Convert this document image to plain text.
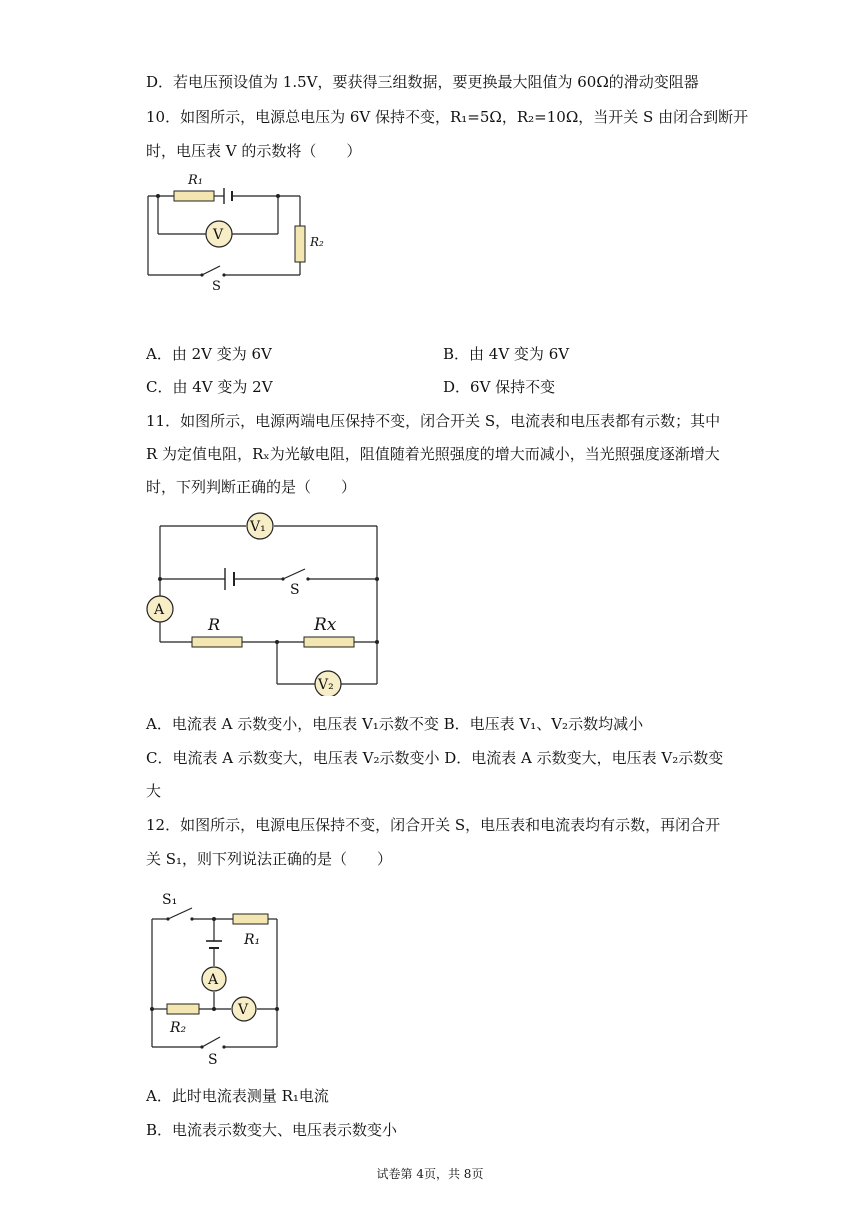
D．若电压预设值为 1.5V，要获得三组数据，要更换最大阻值为 60Ω的滑动变阻器
10．如图所示，电源总电压为 6V 保持不变，R₁=5Ω，R₂=10Ω，当开关 S 由闭合到断开
时，电压表 V 的示数将（　　）
R₁
R₂
V
S
A．由 2V 变为 6V	B．由 4V 变为 6V
C．由 4V 变为 2V	D．6V 保持不变
11．如图所示，电源两端电压保持不变，闭合开关 S，电流表和电压表都有示数；其中
R 为定值电阻，Rₓ为光敏电阻，阻值随着光照强度的增大而减小，当光照强度逐渐增大
时，下列判断正确的是（　　）
V₁
A
V₂
S
R	Rx
A．电流表 A 示数变小，电压表 V₁示数不变 B．电压表 V₁、V₂示数均减小
C．电流表 A 示数变大，电压表 V₂示数变小 D．电流表 A 示数变大，电压表 V₂示数变
大
12．如图所示，电源电压保持不变，闭合开关 S，电压表和电流表均有示数，再闭合开
关 S₁，则下列说法正确的是（　　）
S₁
R₁
A
V
R₂
S
A．此时电流表测量 R₁电流
B．电流表示数变大、电压表示数变小
试卷第 4页，共 8页
